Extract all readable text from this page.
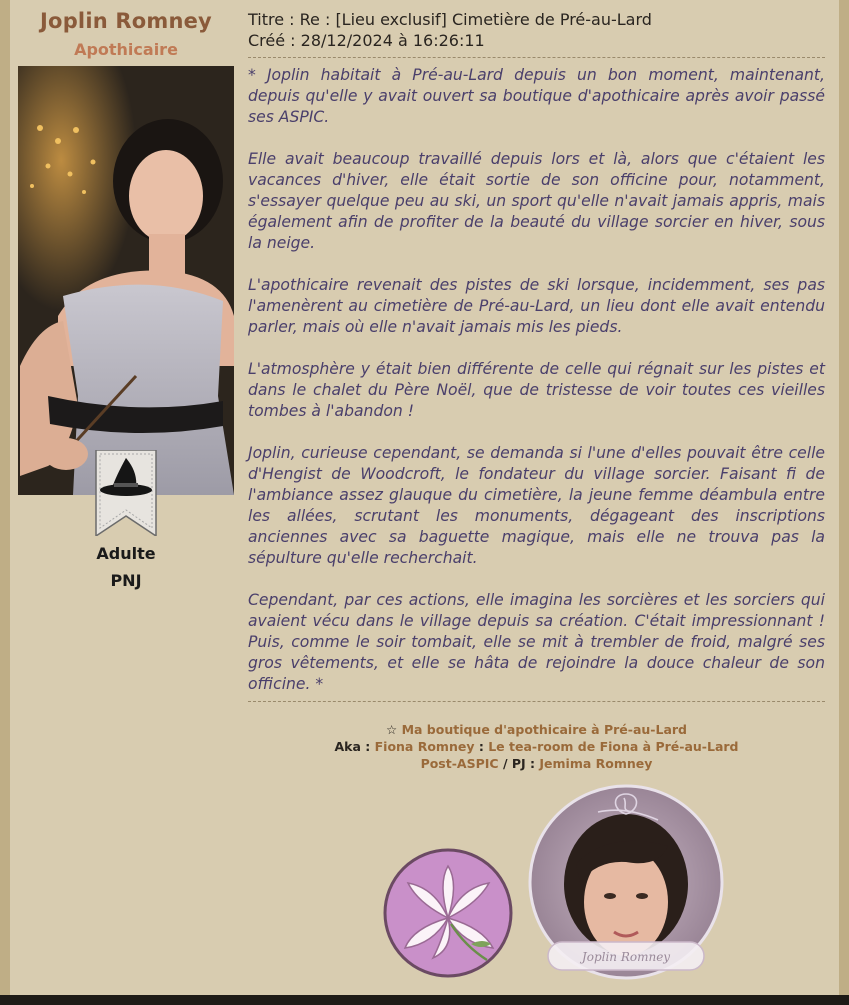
Joplin Romney
Apothicaire
Adulte
PNJ
Titre : Re : [Lieu exclusif] Cimetière de Pré-au-Lard
Créé : 28/12/2024 à 16:26:11

* Joplin habitait à Pré-au-Lard depuis un bon moment, maintenant, depuis qu'elle y avait ouvert sa boutique d'apothicaire après avoir passé ses ASPIC.

Elle avait beaucoup travaillé depuis lors et là, alors que c'étaient les vacances d'hiver, elle était sortie de son officine pour, notamment, s'essayer quelque peu au ski, un sport qu'elle n'avait jamais appris, mais également afin de profiter de la beauté du village sorcier en hiver, sous la neige.

L'apothicaire revenait des pistes de ski lorsque, incidemment, ses pas l'amenèrent au cimetière de Pré-au-Lard, un lieu dont elle avait entendu parler, mais où elle n'avait jamais mis les pieds.

L'atmosphère y était bien différente de celle qui régnait sur les pistes et dans le chalet du Père Noël, que de tristesse de voir toutes ces vieilles tombes à l'abandon !

Joplin, curieuse cependant, se demanda si l'une d'elles pouvait être celle d'Hengist de Woodcroft, le fondateur du village sorcier. Faisant fi de l'ambiance assez glauque du cimetière, la jeune femme déambula entre les allées, scrutant les monuments, dégageant des inscriptions anciennes avec sa baguette magique, mais elle ne trouva pas la sépulture qu'elle recherchait.

Cependant, par ces actions, elle imagina les sorcières et les sorciers qui avaient vécu dans le village depuis sa création. C'était impressionnant ! Puis, comme le soir tombait, elle se mit à trembler de froid, malgré ses gros vêtements, et elle se hâta de rejoindre la douce chaleur de son officine. *

☆ Ma boutique d'apothicaire à Pré-au-Lard
Aka : Fiona Romney : Le tea-room de Fiona à Pré-au-Lard
Post-ASPIC / PJ : Jemima Romney
Joplin Romney
